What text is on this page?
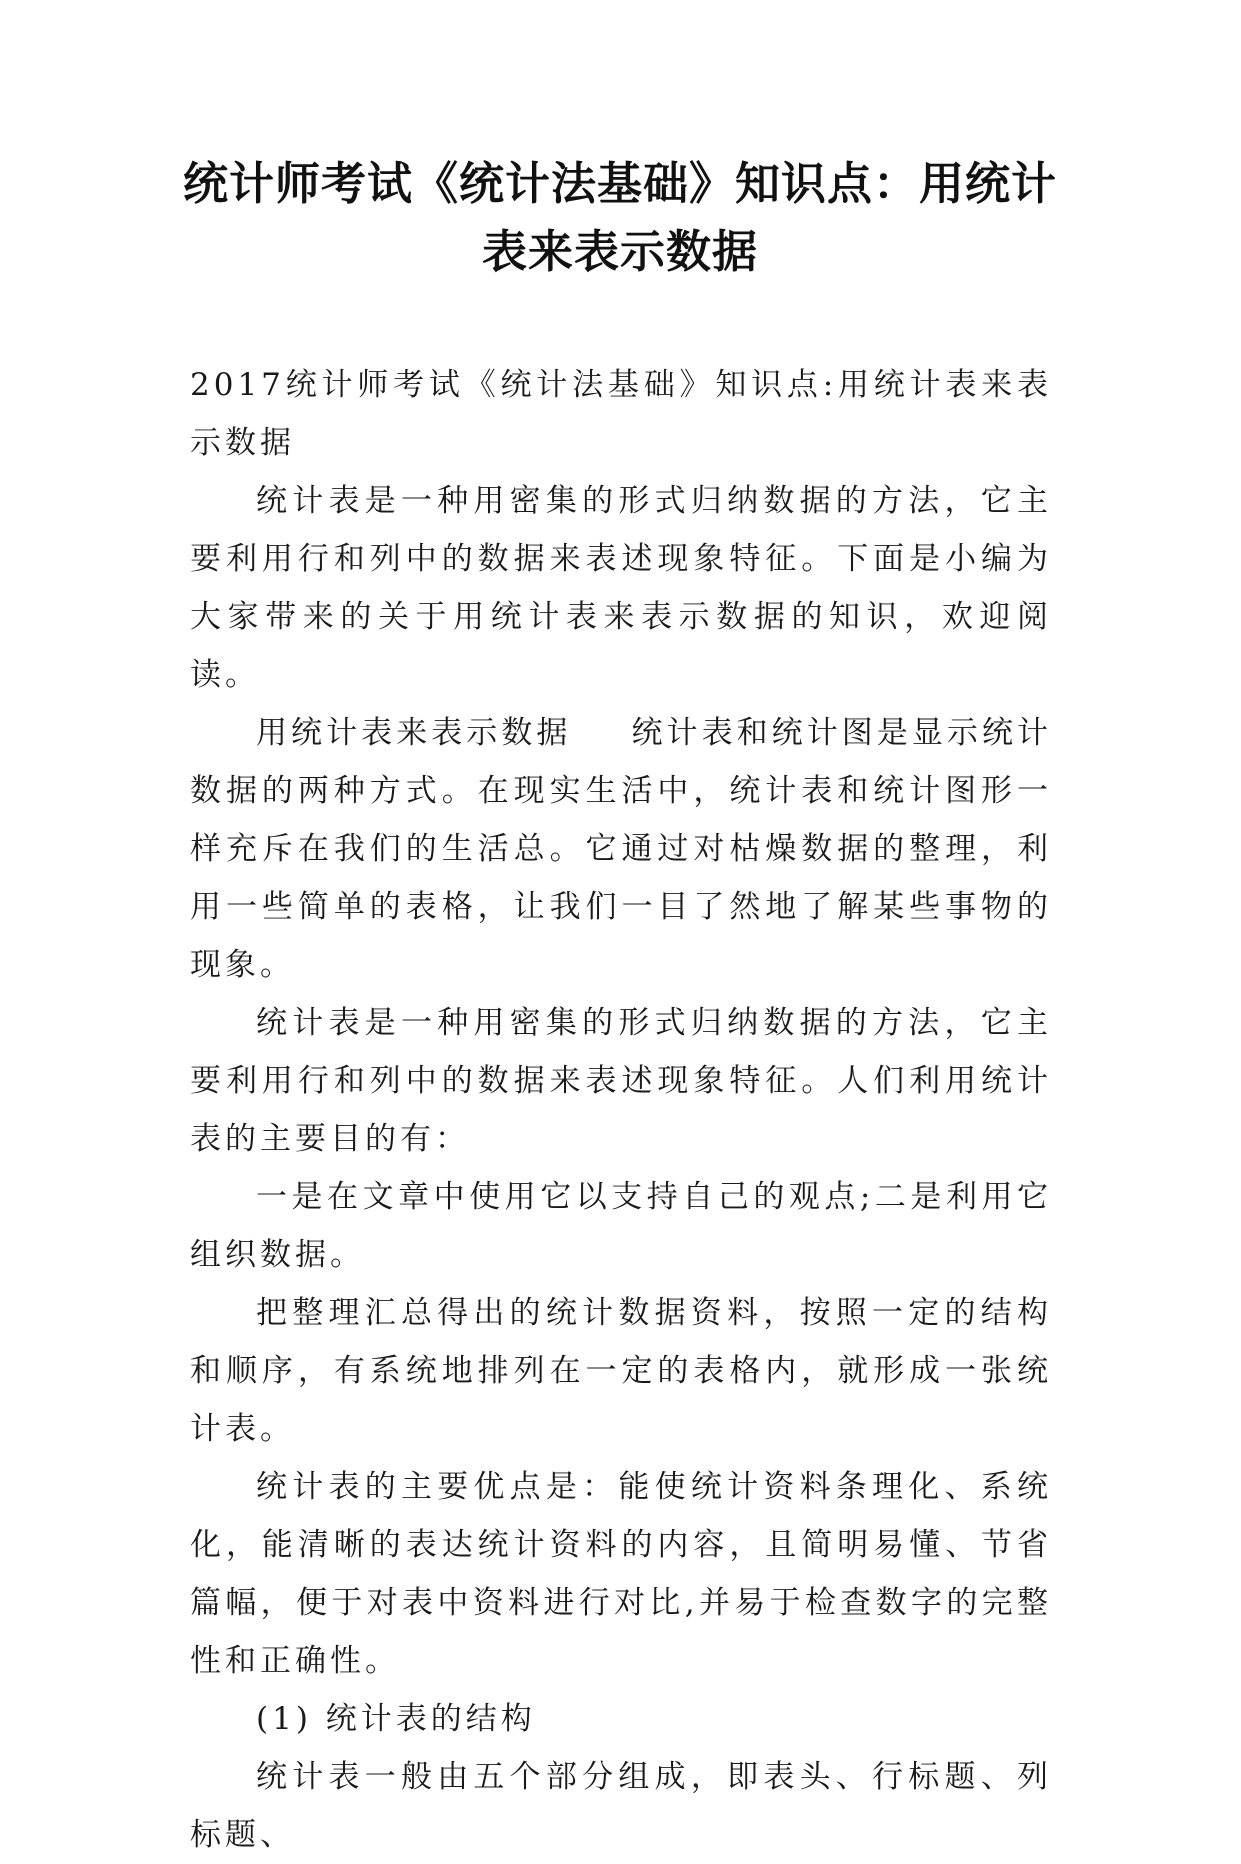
统计师考试《统计法基础》知识点：用统计表来表示数据

2017统计师考试《统计法基础》知识点:用统计表来表示数据

统计表是一种用密集的形式归纳数据的方法，它主要利用行和列中的数据来表述现象特征。下面是小编为大家带来的关于用统计表来表示数据的知识，欢迎阅读。

用统计表来表示数据 统计表和统计图是显示统计数据的两种方式。在现实生活中，统计表和统计图形一样充斥在我们的生活总。它通过对枯燥数据的整理，利用一些简单的表格，让我们一目了然地了解某些事物的现象。

统计表是一种用密集的形式归纳数据的方法，它主要利用行和列中的数据来表述现象特征。人们利用统计表的主要目的有：

一是在文章中使用它以支持自己的观点;二是利用它组织数据。

把整理汇总得出的统计数据资料，按照一定的结构和顺序，有系统地排列在一定的表格内，就形成一张统计表。

统计表的主要优点是：能使统计资料条理化、系统化，能清晰的表达统计资料的内容，且简明易懂、节省篇幅，便于对表中资料进行对比,并易于检查数字的完整性和正确性。

(1) 统计表的结构

统计表一般由五个部分组成，即表头、行标题、列标题、
